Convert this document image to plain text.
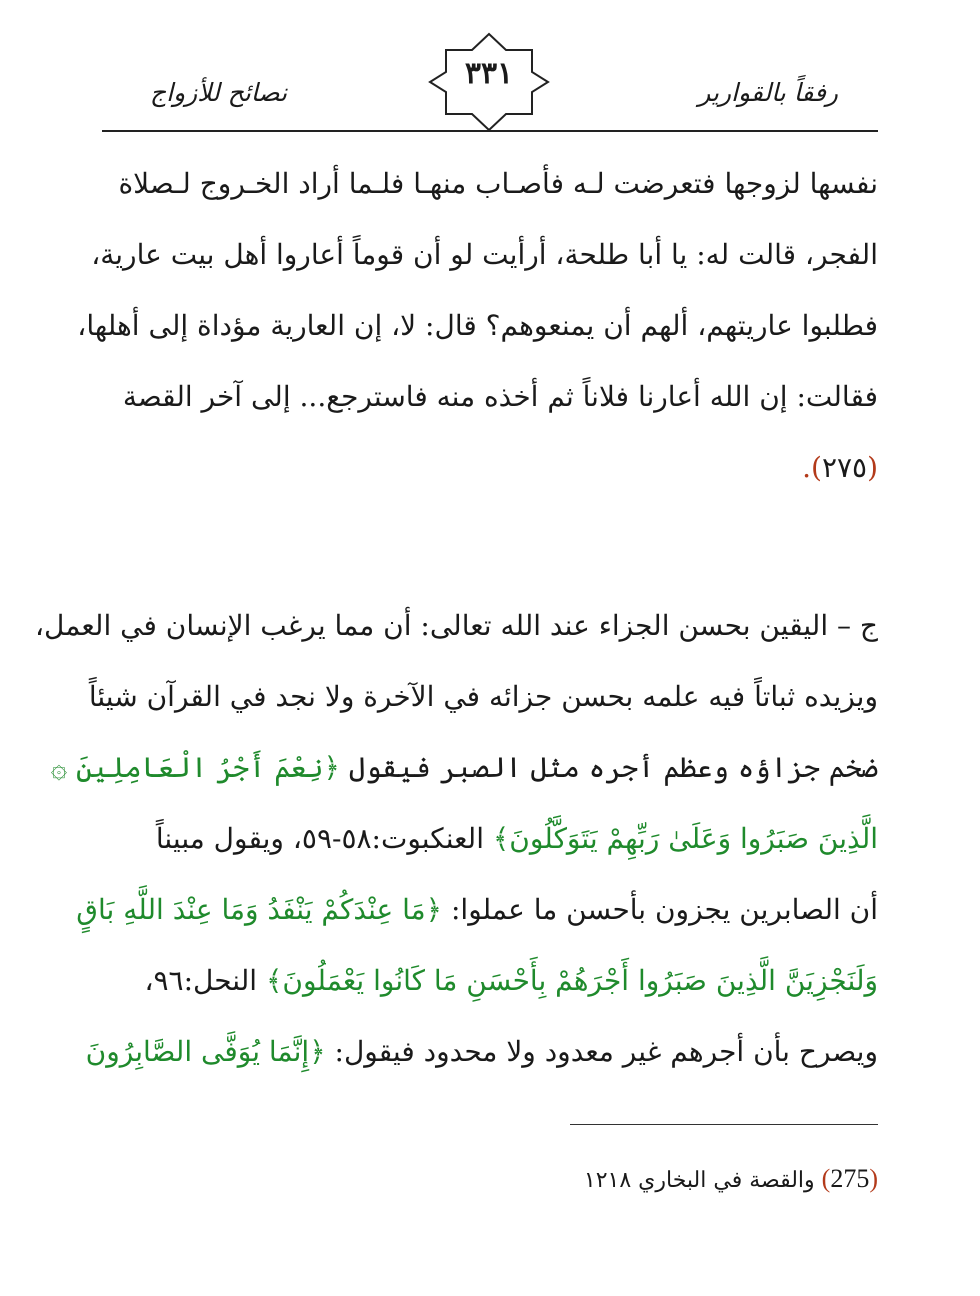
نصائح للأزواج
٣٣١
رفقاً بالقوارير
نفسها لزوجها فتعرضت لـه فأصـاب منهـا فلـما أراد الخـروج لـصلاة
الفجر، قالت له: يا أبا طلحة، أرأيت لو أن قوماً أعاروا أهل بيت عارية،
فطلبوا عاريتهم، ألهم أن يمنعوهم؟ قال: لا، إن العارية مؤداة إلى أهلها،
فقالت: إن الله أعارنا فلاناً ثم أخذه منه فاسترجع... إلى آخر القصة
(٢٧٥).
ج – اليقين بحسن الجزاء عند الله تعالى: أن مما يرغب الإنسان في العمل،
ويزيده ثباتاً فيه علمه بحسن جزائه في الآخرة ولا نجد في القرآن شيئاً
ضخم جزاؤه وعظم أجره مثل الصبر فيقول ﴿نِعْمَ أَجْرُ الْعَامِلِينَ ۞
الَّذِينَ صَبَرُوا وَعَلَىٰ رَبِّهِمْ يَتَوَكَّلُونَ﴾ العنكبوت:٥٨-٥٩، ويقول مبيناً
أن الصابرين يجزون بأحسن ما عملوا: ﴿مَا عِنْدَكُمْ يَنْفَدُ وَمَا عِنْدَ اللَّهِ بَاقٍ
وَلَنَجْزِيَنَّ الَّذِينَ صَبَرُوا أَجْرَهُمْ بِأَحْسَنِ مَا كَانُوا يَعْمَلُونَ﴾ النحل:٩٦،
ويصرح بأن أجرهم غير معدود ولا محدود فيقول: ﴿إِنَّمَا يُوَفَّى الصَّابِرُونَ
(275) والقصة في البخاري ١٢١٨
